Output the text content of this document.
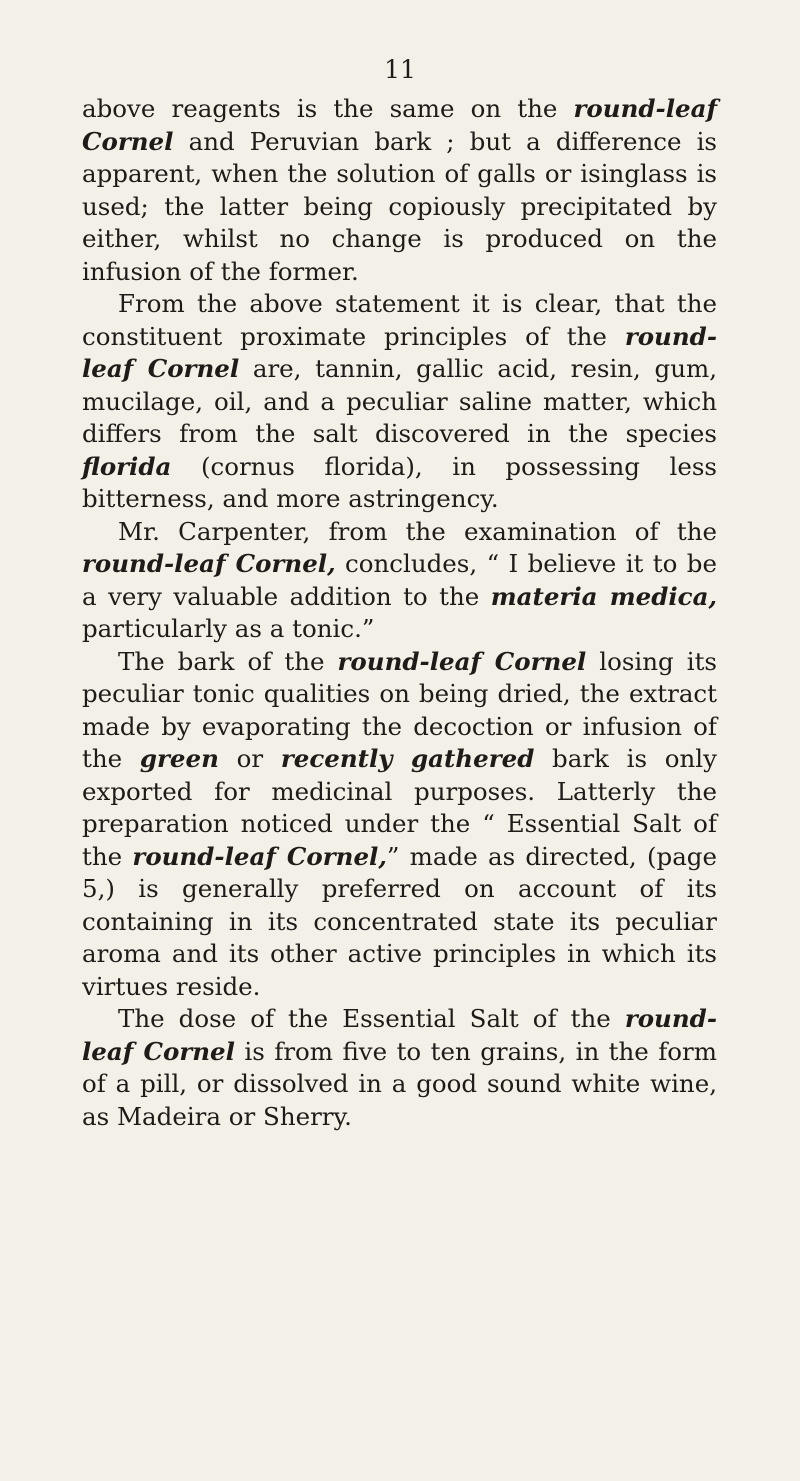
11

above reagents is the same on the round-leaf Cornel and Peruvian bark ; but a difference is apparent, when the solution of galls or isinglass is used; the latter being copiously precipitated by either, whilst no change is produced on the infusion of the former.

From the above statement it is clear, that the constituent proximate principles of the round-leaf Cornel are, tannin, gallic acid, resin, gum, mucilage, oil, and a peculiar saline matter, which differs from the salt discovered in the species florida (cornus florida), in possessing less bitterness, and more astringency.

Mr. Carpenter, from the examination of the round-leaf Cornel, concludes, “ I believe it to be a very valuable addition to the materia medica, particularly as a tonic.”

The bark of the round-leaf Cornel losing its peculiar tonic qualities on being dried, the extract made by evaporating the decoction or infusion of the green or recently gathered bark is only exported for medicinal purposes. Latterly the preparation noticed under the “ Essential Salt of the round-leaf Cornel,” made as directed, (page 5,) is generally preferred on account of its containing in its concentrated state its peculiar aroma and its other active principles in which its virtues reside.

The dose of the Essential Salt of the round-leaf Cornel is from five to ten grains, in the form of a pill, or dissolved in a good sound white wine, as Madeira or Sherry.
